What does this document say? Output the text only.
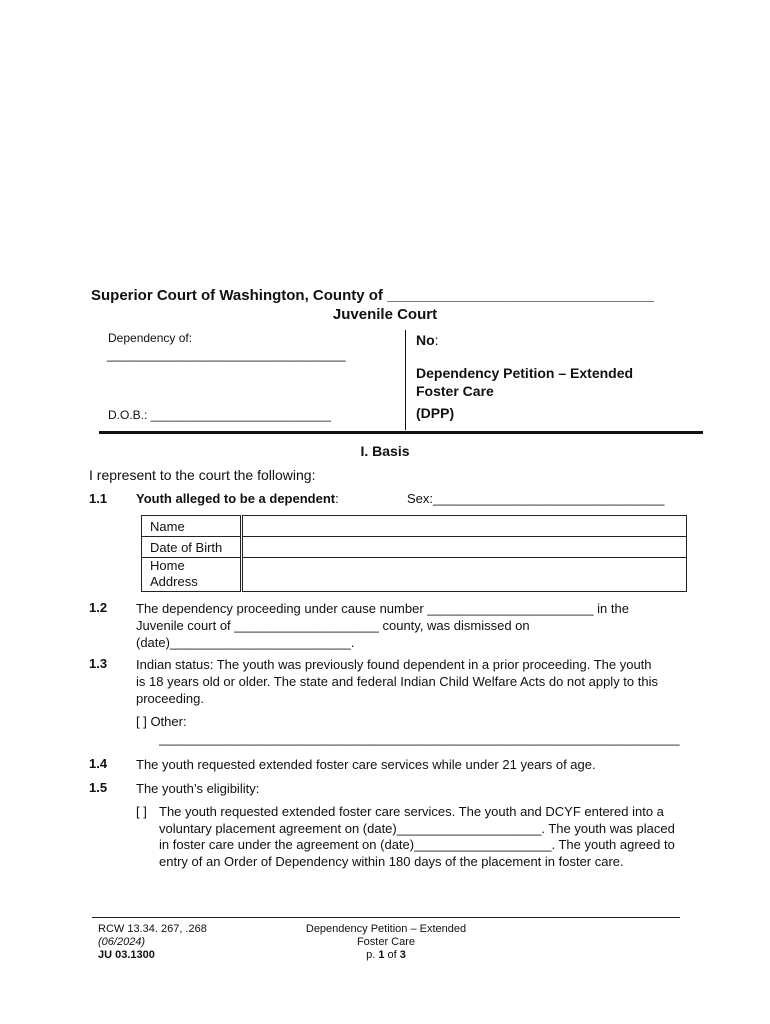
Superior Court of Washington, County of ________________________________
Juvenile Court
Dependency of:
_________________________________
D.O.B.: ___________________________
No:
Dependency Petition – Extended
Foster Care
(DPP)
I. Basis
I represent to the court the following:
1.1 Youth alleged to be a dependent:	Sex:________________________________
Name	
Date of Birth	
Home Address	
1.2 The dependency proceeding under cause number _______________________ in the Juvenile court of ____________________ county, was dismissed on (date)_________________________.
1.3 Indian status: The youth was previously found dependent in a prior proceeding. The youth is 18 years old or older. The state and federal Indian Child Welfare Acts do not apply to this proceeding.
[ ] Other:
________________________________________________________________________
1.4 The youth requested extended foster care services while under 21 years of age.
1.5 The youth’s eligibility:
[ ] The youth requested extended foster care services. The youth and DCYF entered into a voluntary placement agreement on (date)____________________. The youth was placed in foster care under the agreement on (date)___________________. The youth agreed to entry of an Order of Dependency within 180 days of the placement in foster care.
RCW 13.34. 267, .268
(06/2024)
JU 03.1300
Dependency Petition – Extended
Foster Care
p. 1 of 3
